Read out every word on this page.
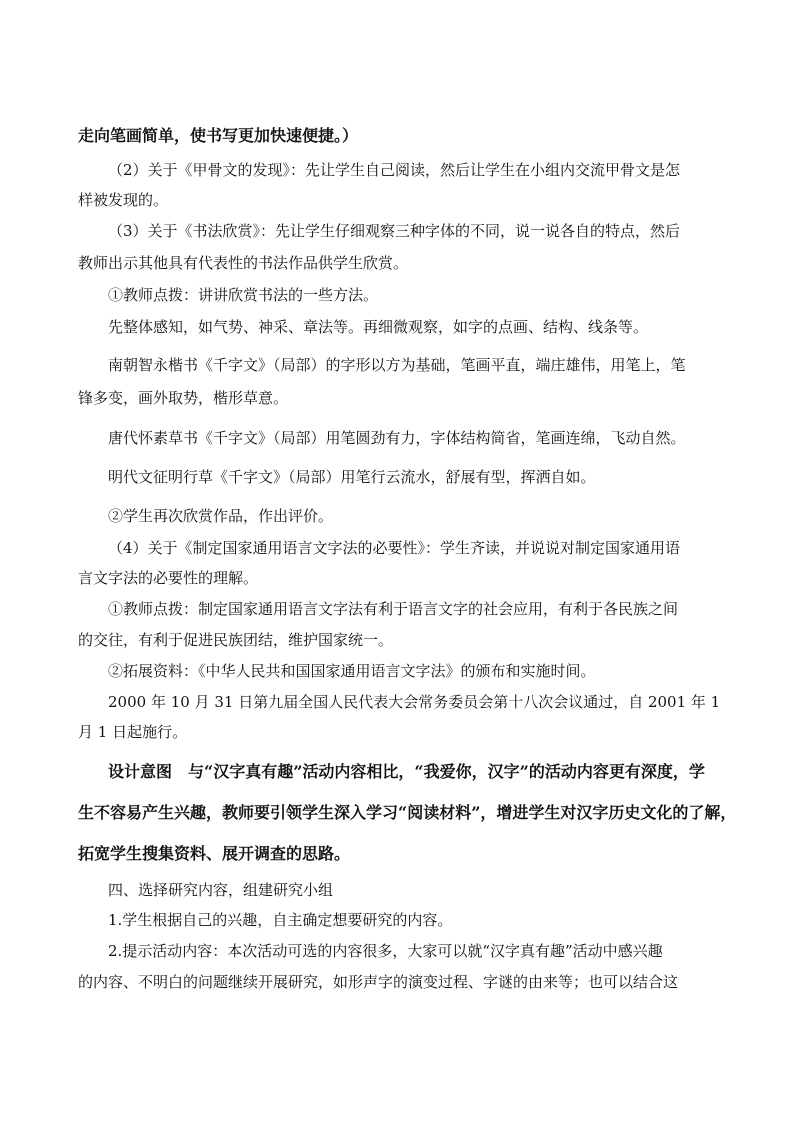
走向笔画简单，使书写更加快速便捷。）
（2）关于《甲骨文的发现》：先让学生自己阅读，然后让学生在小组内交流甲骨文是怎
样被发现的。
（3）关于《书法欣赏》：先让学生仔细观察三种字体的不同，说一说各自的特点，然后
教师出示其他具有代表性的书法作品供学生欣赏。
①教师点拨：讲讲欣赏书法的一些方法。
先整体感知，如气势、神采、章法等。再细微观察，如字的点画、结构、线条等。
南朝智永楷书《千字文》（局部）的字形以方为基础，笔画平直，端庄雄伟，用笔上，笔
锋多变，画外取势，楷形草意。
唐代怀素草书《千字文》（局部）用笔圆劲有力，字体结构简省，笔画连绵，飞动自然。
明代文征明行草《千字文》（局部）用笔行云流水，舒展有型，挥洒自如。
②学生再次欣赏作品，作出评价。
（4）关于《制定国家通用语言文字法的必要性》：学生齐读，并说说对制定国家通用语
言文字法的必要性的理解。
①教师点拨：制定国家通用语言文字法有利于语言文字的社会应用，有利于各民族之间
的交往，有利于促进民族团结，维护国家统一。
②拓展资料：《中华人民共和国国家通用语言文字法》的颁布和实施时间。
2000 年 10 月 31 日第九届全国人民代表大会常务委员会第十八次会议通过，自 2001 年 1
月 1 日起施行。
设计意图　与“汉字真有趣”活动内容相比，“我爱你，汉字”的活动内容更有深度，学
生不容易产生兴趣，教师要引领学生深入学习“阅读材料”，增进学生对汉字历史文化的了解，
拓宽学生搜集资料、展开调查的思路。
四、选择研究内容，组建研究小组
1.学生根据自己的兴趣，自主确定想要研究的内容。
2.提示活动内容：本次活动可选的内容很多，大家可以就“汉字真有趣”活动中感兴趣
的内容、不明白的问题继续开展研究，如形声字的演变过程、字谜的由来等；也可以结合这
